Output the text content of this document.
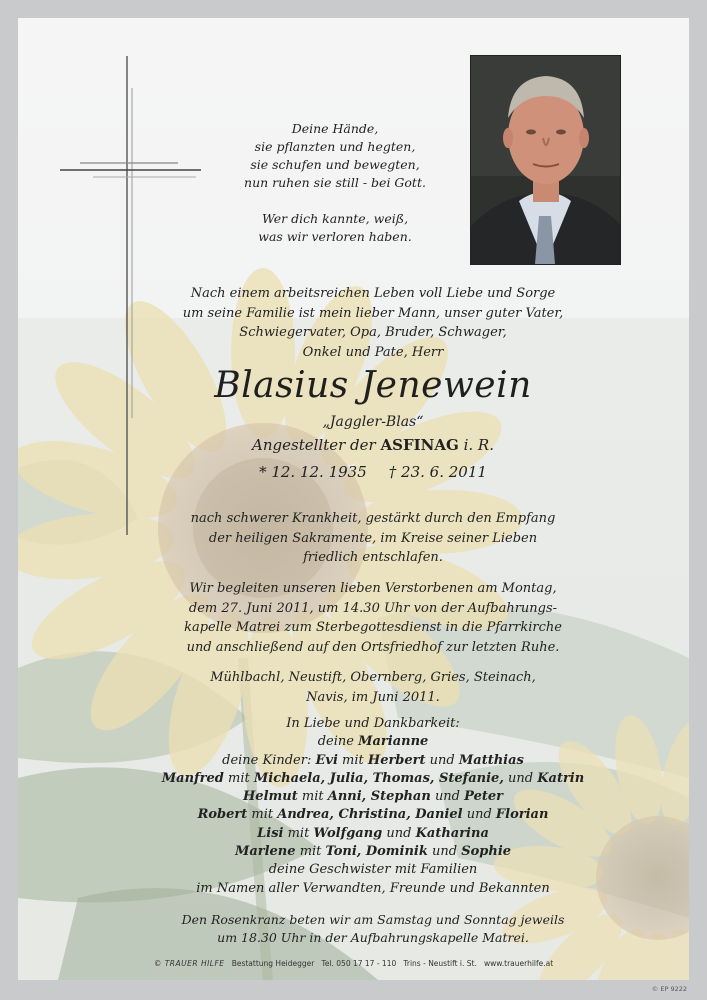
Deine Hände,
sie pflanzten und hegten,
sie schufen und bewegten,
nun ruhen sie still - bei Gott.
Wer dich kannte, weiß,
was wir verloren haben.
Nach einem arbeitsreichen Leben voll Liebe und Sorge
um seine Familie ist mein lieber Mann, unser guter Vater,
Schwiegervater, Opa, Bruder, Schwager,
Onkel und Pate, Herr
Blasius Jenewein
„Jaggler-Blas“
Angestellter der ASFINAG i. R.
* 12. 12. 1935 † 23. 6. 2011
nach schwerer Krankheit, gestärkt durch den Empfang
der heiligen Sakramente, im Kreise seiner Lieben
friedlich entschlafen.
Wir begleiten unseren lieben Verstorbenen am Montag,
dem 27. Juni 2011, um 14.30 Uhr von der Aufbahrungs-
kapelle Matrei zum Sterbegottesdienst in die Pfarrkirche
und anschließend auf den Ortsfriedhof zur letzten Ruhe.
Mühlbachl, Neustift, Obernberg, Gries, Steinach,
Navis, im Juni 2011.
In Liebe und Dankbarkeit:
deine Marianne
deine Kinder: Evi mit Herbert und Matthias
Manfred mit Michaela, Julia, Thomas, Stefanie, und Katrin
Helmut mit Anni, Stephan und Peter
Robert mit Andrea, Christina, Daniel und Florian
Lisi mit Wolfgang und Katharina
Marlene mit Toni, Dominik und Sophie
deine Geschwister mit Familien
im Namen aller Verwandten, Freunde und Bekannten
Den Rosenkranz beten wir am Samstag und Sonntag jeweils
um 18.30 Uhr in der Aufbahrungskapelle Matrei.
© TRAUER HILFE Bestattung Heidegger Tel. 050 17 17 - 110 Trins - Neustift i. St. www.trauerhilfe.at
© EP 9222
